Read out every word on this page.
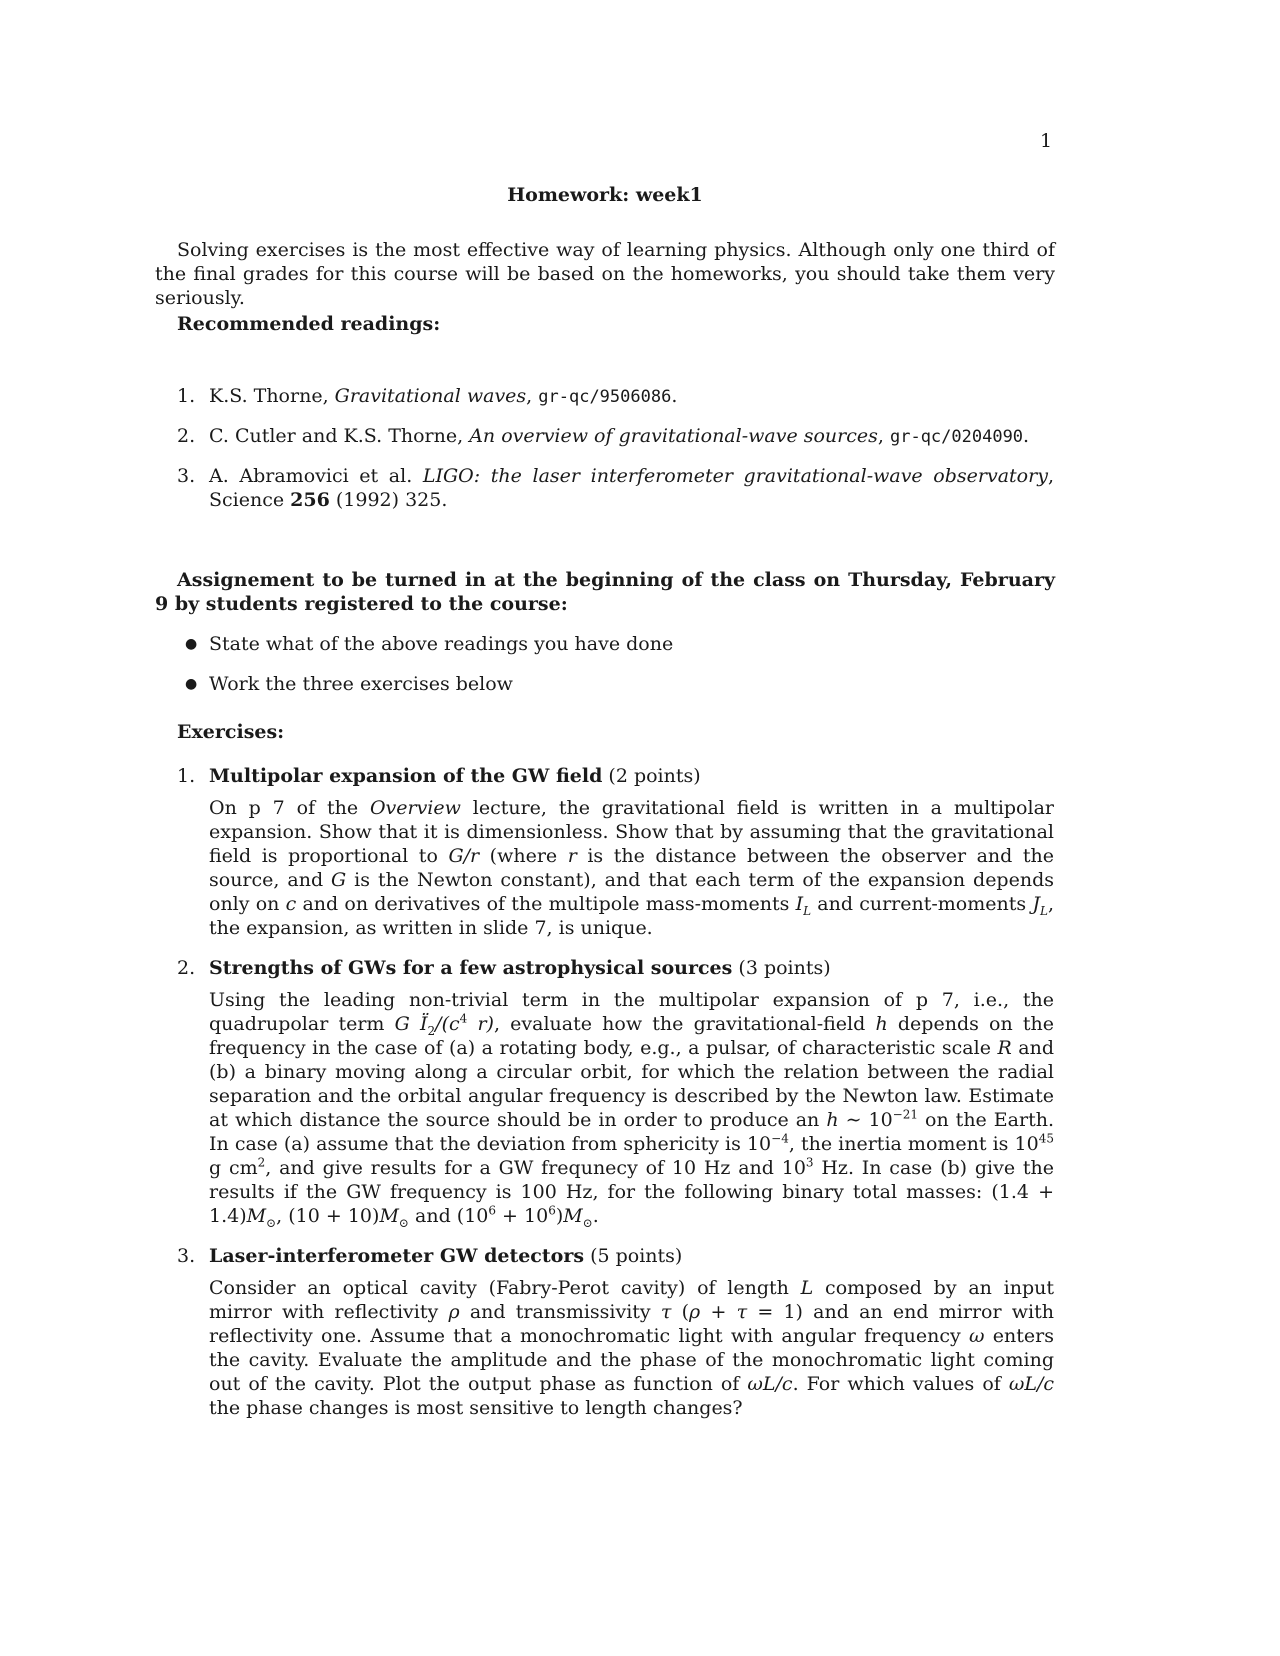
1
Homework: week1
Solving exercises is the most effective way of learning physics. Although only one third of the final grades for this course will be based on the homeworks, you should take them very seriously.
Recommended readings:
1. K.S. Thorne, Gravitational waves, gr-qc/9506086.
2. C. Cutler and K.S. Thorne, An overview of gravitational-wave sources, gr-qc/0204090.
3. A. Abramovici et al. LIGO: the laser interferometer gravitational-wave observatory, Science 256 (1992) 325.
Assignement to be turned in at the beginning of the class on Thursday, February 9 by students registered to the course:
● State what of the above readings you have done
● Work the three exercises below
Exercises:
1. Multipolar expansion of the GW field (2 points)
On p 7 of the Overview lecture, the gravitational field is written in a multipolar expansion. Show that it is dimensionless. Show that by assuming that the gravitational field is proportional to G/r (where r is the distance between the observer and the source, and G is the Newton constant), and that each term of the expansion depends only on c and on derivatives of the multipole mass-moments $I_L$ and current-moments $J_L$, the expansion, as written in slide 7, is unique.
2. Strengths of GWs for a few astrophysical sources (3 points)
Using the leading non-trivial term in the multipolar expansion of p 7, i.e., the quadrupolar term G $Ï_2/(c^4$ r), evaluate how the gravitational-field h depends on the frequency in the case of (a) a rotating body, e.g., a pulsar, of characteristic scale R and (b) a binary moving along a circular orbit, for which the relation between the radial separation and the orbital angular frequency is described by the Newton law. Estimate at which distance the source should be in order to produce an h ∼ $10^{-21}$ on the Earth. In case (a) assume that the deviation from sphericity is $10^{-4}$, the inertia moment is $10^{45}$ g $cm^2$, and give results for a GW frequnecy of 10 Hz and $10^3$ Hz. In case (b) give the results if the GW frequency is 100 Hz, for the following binary total masses: $(1.4 + 1.4)M_⊙$, $(10 + 10)M_⊙$ and $(10^6 + 10^6)M_⊙$.
3. Laser-interferometer GW detectors (5 points)
Consider an optical cavity (Fabry-Perot cavity) of length L composed by an input mirror with reflectivity ρ and transmissivity τ (ρ + τ = 1) and an end mirror with reflectivity one. Assume that a monochromatic light with angular frequency ω enters the cavity. Evaluate the amplitude and the phase of the monochromatic light coming out of the cavity. Plot the output phase as function of ωL/c. For which values of ωL/c the phase changes is most sensitive to length changes?
